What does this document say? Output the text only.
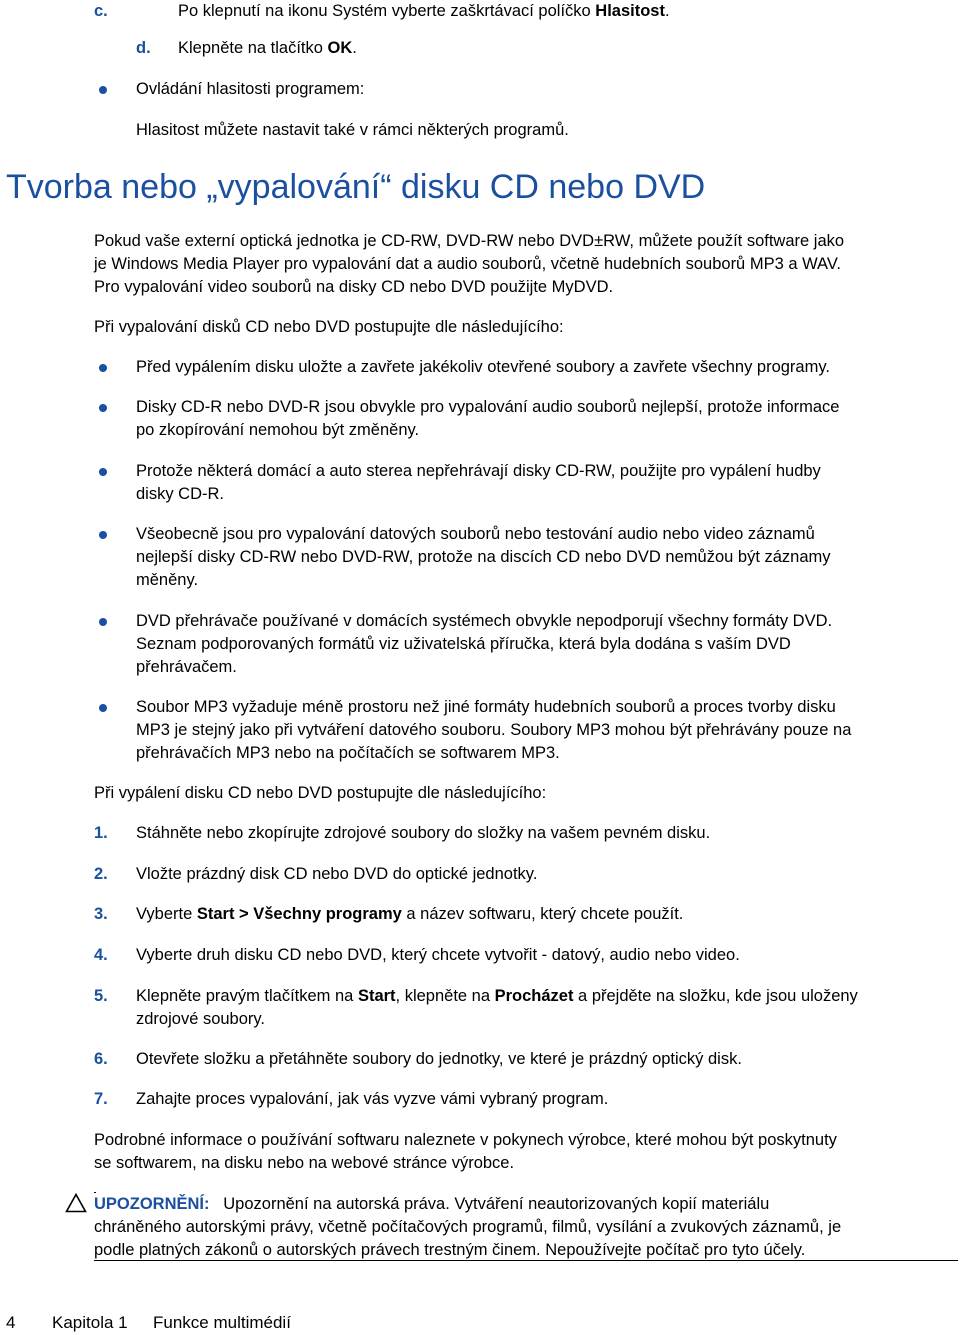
c.	Po klepnutí na ikonu Systém vyberte zaškrtávací políčko Hlasitost.
d. Klepněte na tlačítko OK.
Ovládání hlasitosti programem:
Hlasitost můžete nastavit také v rámci některých programů.
Tvorba nebo „vypalování“ disku CD nebo DVD
Pokud vaše externí optická jednotka je CD-RW, DVD-RW nebo DVD±RW, můžete použít software jako
je Windows Media Player pro vypalování dat a audio souborů, včetně hudebních souborů MP3 a WAV.
Pro vypalování video souborů na disky CD nebo DVD použijte MyDVD.
Při vypalování disků CD nebo DVD postupujte dle následujícího:
Před vypálením disku uložte a zavřete jakékoliv otevřené soubory a zavřete všechny programy.
Disky CD-R nebo DVD-R jsou obvykle pro vypalování audio souborů nejlepší, protože informace
po zkopírování nemohou být změněny.
Protože některá domácí a auto sterea nepřehrávají disky CD-RW, použijte pro vypálení hudby
disky CD-R.
Všeobecně jsou pro vypalování datových souborů nebo testování audio nebo video záznamů
nejlepší disky CD-RW nebo DVD-RW, protože na discích CD nebo DVD nemůžou být záznamy
měněny.
DVD přehrávače používané v domácích systémech obvykle nepodporují všechny formáty DVD.
Seznam podporovaných formátů viz uživatelská příručka, která byla dodána s vaším DVD
přehrávačem.
Soubor MP3 vyžaduje méně prostoru než jiné formáty hudebních souborů a proces tvorby disku
MP3 je stejný jako při vytváření datového souboru. Soubory MP3 mohou být přehrávány pouze na
přehrávačích MP3 nebo na počítačích se softwarem MP3.
Při vypálení disku CD nebo DVD postupujte dle následujícího:
1. Stáhněte nebo zkopírujte zdrojové soubory do složky na vašem pevném disku.
2. Vložte prázdný disk CD nebo DVD do optické jednotky.
3. Vyberte Start > Všechny programy a název softwaru, který chcete použít.
4. Vyberte druh disku CD nebo DVD, který chcete vytvořit - datový, audio nebo video.
5. Klepněte pravým tlačítkem na Start, klepněte na Procházet a přejděte na složku, kde jsou uloženy
zdrojové soubory.
6. Otevřete složku a přetáhněte soubory do jednotky, ve které je prázdný optický disk.
7. Zahajte proces vypalování, jak vás vyzve vámi vybraný program.
Podrobné informace o používání softwaru naleznete v pokynech výrobce, které mohou být poskytnuty
se softwarem, na disku nebo na webové stránce výrobce.
UPOZORNĚNÍ: Upozornění na autorská práva. Vytváření neautorizovaných kopií materiálu
chráněného autorskými právy, včetně počítačových programů, filmů, vysílání a zvukových záznamů, je
podle platných zákonů o autorských právech trestným činem. Nepoužívejte počítač pro tyto účely.
4 Kapitola 1 Funkce multimédií
